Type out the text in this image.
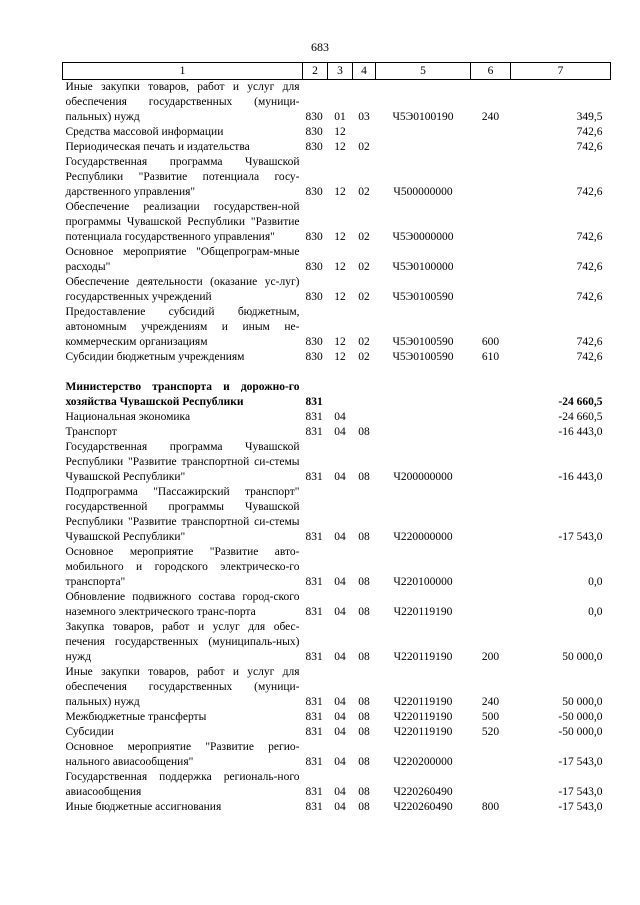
683
1	2	3	4	5	6	7
Иные закупки товаров, работ и услуг для обеспечения государственных (муници-пальных) нужд	830	01	03	Ч5Э0100190	240	349,5
Средства массовой информации	830	12				742,6
Периодическая печать и издательства	830	12	02			742,6
Государственная программа Чувашской Республики "Развитие потенциала госу-дарственного управления"	830	12	02	Ч500000000		742,6
Обеспечение реализации государствен-ной программы Чувашской Республики "Развитие потенциала государственного управления"	830	12	02	Ч5Э0000000		742,6
Основное мероприятие "Общепрограм-мные расходы"	830	12	02	Ч5Э0100000		742,6
Обеспечение деятельности (оказание ус-луг) государственных учреждений	830	12	02	Ч5Э0100590		742,6
Предоставление субсидий бюджетным, автономным учреждениям и иным не-коммерческим организациям	830	12	02	Ч5Э0100590	600	742,6
Субсидии бюджетным учреждениям	830	12	02	Ч5Э0100590	610	742,6

Министерство транспорта и дорожно-го хозяйства Чувашской Республики	831					-24 660,5
Национальная экономика	831	04				-24 660,5
Транспорт	831	04	08			-16 443,0
Государственная программа Чувашской Республики "Развитие транспортной си-стемы Чувашской Республики"	831	04	08	Ч200000000		-16 443,0
Подпрограмма "Пассажирский транспорт" государственной программы Чувашской Республики "Развитие транспортной си-стемы Чувашской Республики"	831	04	08	Ч220000000		-17 543,0
Основное мероприятие "Развитие авто-мобильного и городского электрическо-го транспорта"	831	04	08	Ч220100000		0,0
Обновление подвижного состава город-ского наземного электрического транс-порта	831	04	08	Ч220119190		0,0
Закупка товаров, работ и услуг для обес-печения государственных (муниципаль-ных) нужд	831	04	08	Ч220119190	200	50 000,0
Иные закупки товаров, работ и услуг для обеспечения государственных (муници-пальных) нужд	831	04	08	Ч220119190	240	50 000,0
Межбюджетные трансферты	831	04	08	Ч220119190	500	-50 000,0
Субсидии	831	04	08	Ч220119190	520	-50 000,0
Основное мероприятие "Развитие регио-нального авиасообщения"	831	04	08	Ч220200000		-17 543,0
Государственная поддержка региональ-ного авиасообщения	831	04	08	Ч220260490		-17 543,0
Иные бюджетные ассигнования	831	04	08	Ч220260490	800	-17 543,0
